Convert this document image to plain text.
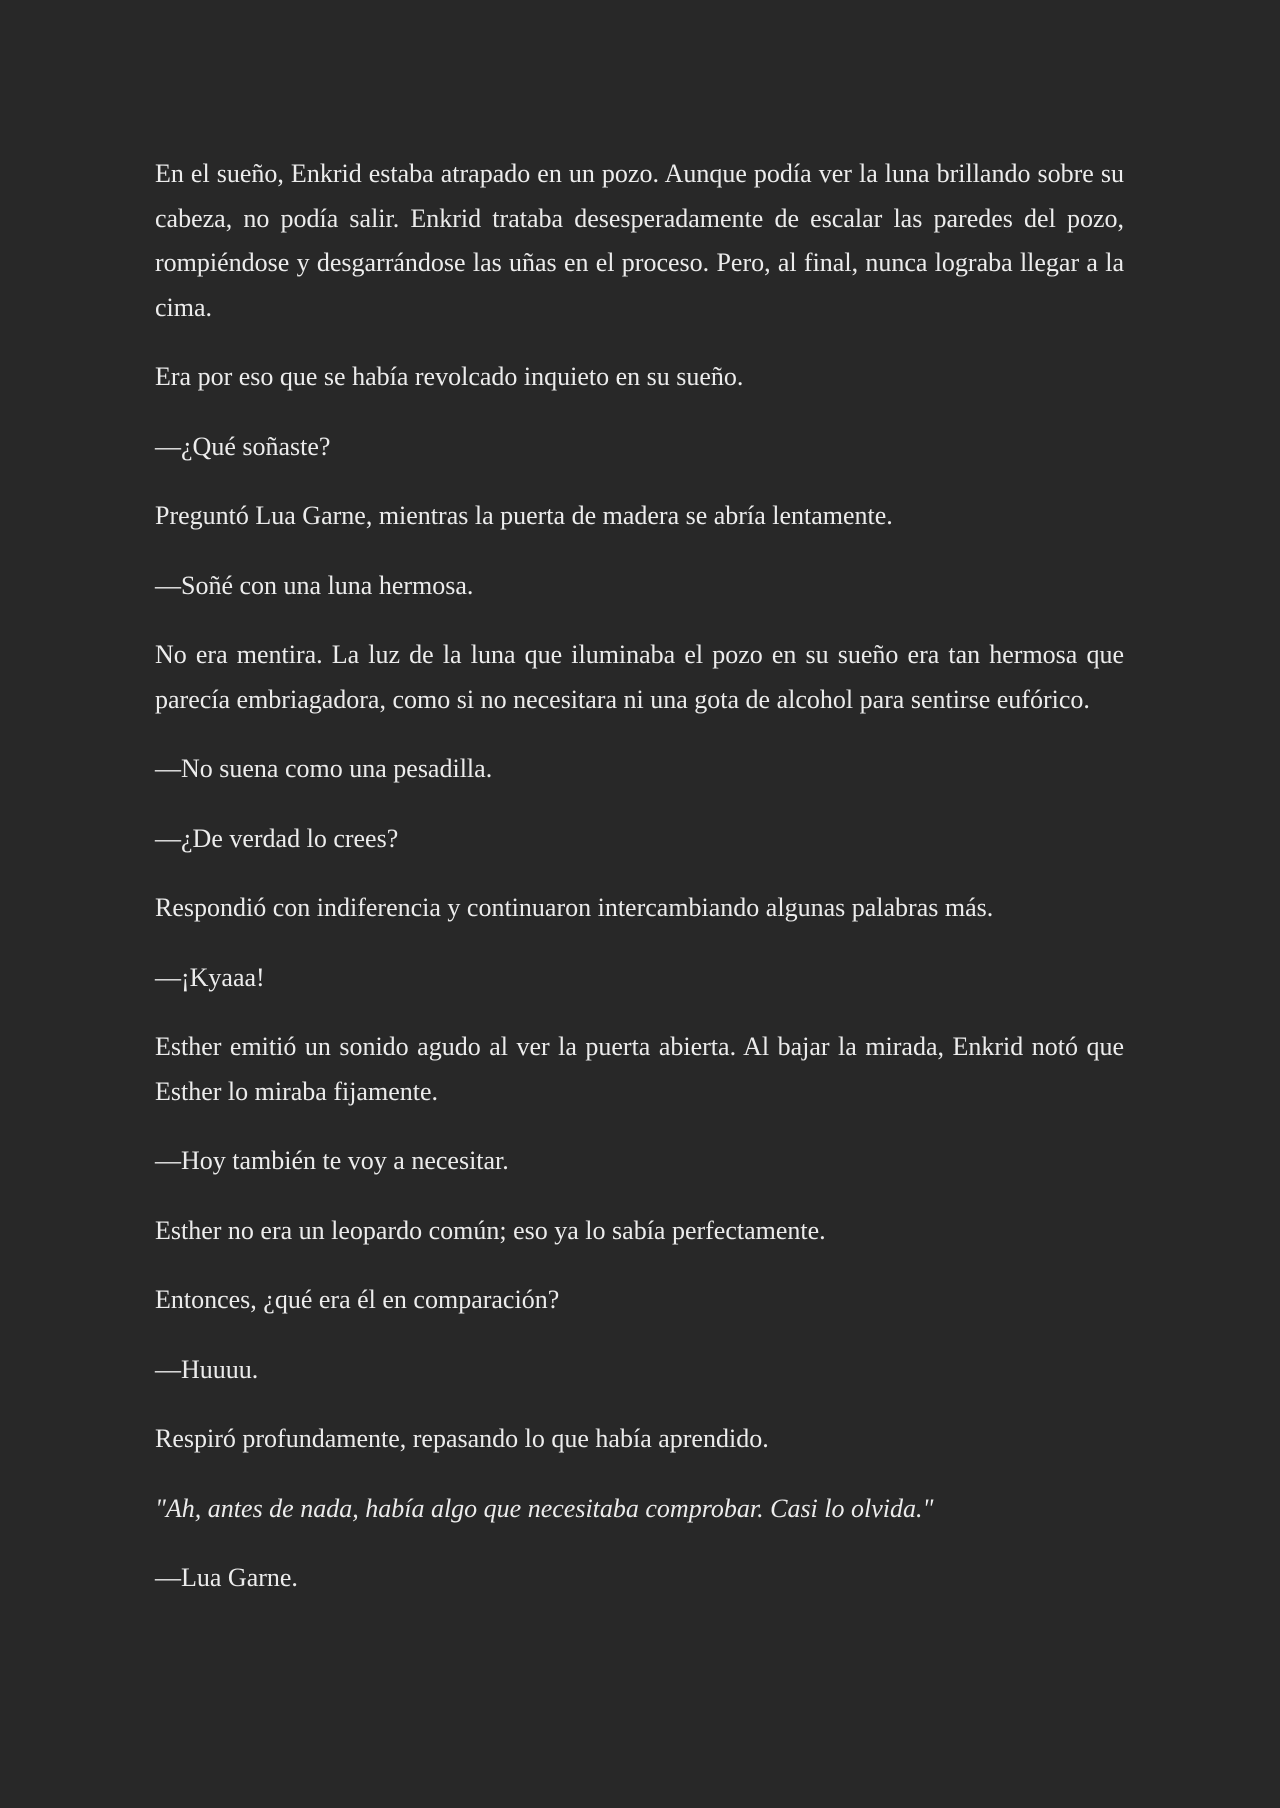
En el sueño, Enkrid estaba atrapado en un pozo. Aunque podía ver la luna brillando sobre su cabeza, no podía salir. Enkrid trataba desesperadamente de escalar las paredes del pozo, rompiéndose y desgarrándose las uñas en el proceso. Pero, al final, nunca lograba llegar a la cima.

Era por eso que se había revolcado inquieto en su sueño.

—¿Qué soñaste?

Preguntó Lua Garne, mientras la puerta de madera se abría lentamente.

—Soñé con una luna hermosa.

No era mentira. La luz de la luna que iluminaba el pozo en su sueño era tan hermosa que parecía embriagadora, como si no necesitara ni una gota de alcohol para sentirse eufórico.

—No suena como una pesadilla.

—¿De verdad lo crees?

Respondió con indiferencia y continuaron intercambiando algunas palabras más.

—¡Kyaaa!

Esther emitió un sonido agudo al ver la puerta abierta. Al bajar la mirada, Enkrid notó que Esther lo miraba fijamente.

—Hoy también te voy a necesitar.

Esther no era un leopardo común; eso ya lo sabía perfectamente.

Entonces, ¿qué era él en comparación?

—Huuuu.

Respiró profundamente, repasando lo que había aprendido.

"Ah, antes de nada, había algo que necesitaba comprobar. Casi lo olvida."

—Lua Garne.
